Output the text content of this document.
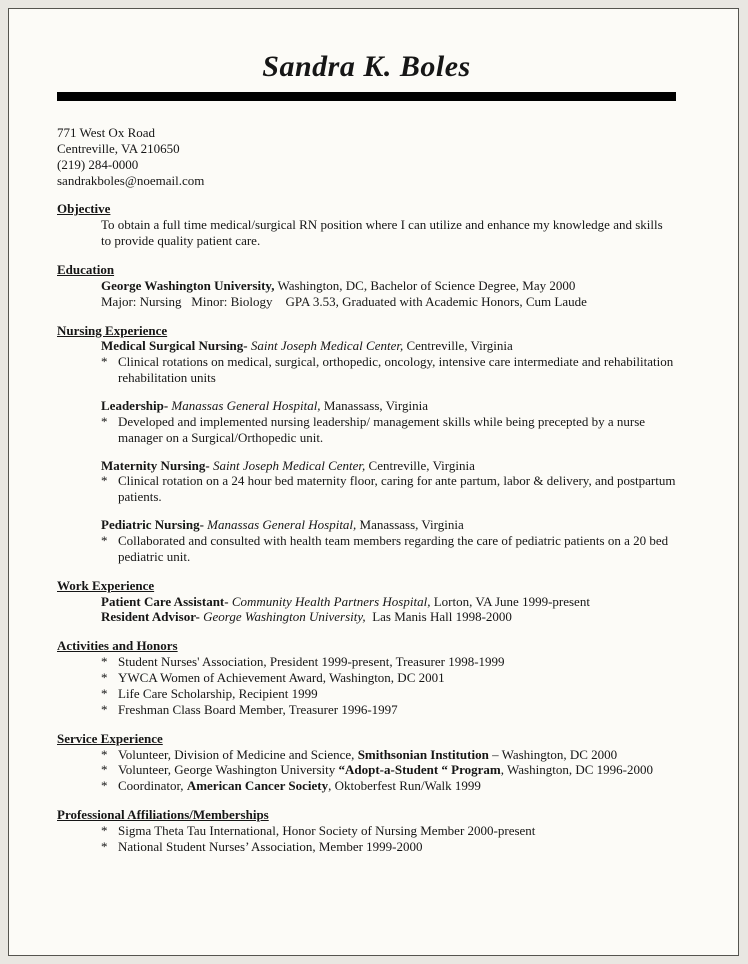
Sandra K. Boles
771 West Ox Road
Centreville, VA 210650
(219) 284-0000
sandrakboles@noemail.com
Objective
To obtain a full time medical/surgical RN position where I can utilize and enhance my knowledge and skills to provide quality patient care.
Education
George Washington University, Washington, DC, Bachelor of Science Degree, May 2000
Major: Nursing   Minor: Biology    GPA 3.53, Graduated with Academic Honors, Cum Laude
Nursing Experience
Medical Surgical Nursing- Saint Joseph Medical Center, Centreville, Virginia
* Clinical rotations on medical, surgical, orthopedic, oncology, intensive care intermediate and rehabilitation rehabilitation units
Leadership- Manassas General Hospital, Manassass, Virginia
* Developed and implemented nursing leadership/ management skills while being precepted by a nurse manager on a Surgical/Orthopedic unit.
Maternity Nursing- Saint Joseph Medical Center, Centreville, Virginia
* Clinical rotation on a 24 hour bed maternity floor, caring for ante partum, labor & delivery, and postpartum patients.
Pediatric Nursing- Manassas General Hospital, Manassass, Virginia
* Collaborated and consulted with health team members regarding the care of pediatric patients on a 20 bed pediatric unit.
Work Experience
Patient Care Assistant- Community Health Partners Hospital, Lorton, VA June 1999-present
Resident Advisor- George Washington University,  Las Manis Hall 1998-2000
Activities and Honors
* Student Nurses' Association, President 1999-present, Treasurer 1998-1999
* YWCA Women of Achievement Award, Washington, DC 2001
* Life Care Scholarship, Recipient 1999
* Freshman Class Board Member, Treasurer 1996-1997
Service Experience
* Volunteer, Division of Medicine and Science, Smithsonian Institution – Washington, DC 2000
* Volunteer, George Washington University “Adopt-a-Student “ Program, Washington, DC 1996-2000
* Coordinator, American Cancer Society, Oktoberfest Run/Walk 1999
Professional Affiliations/Memberships
* Sigma Theta Tau International, Honor Society of Nursing Member 2000-present
* National Student Nurses’ Association, Member 1999-2000
